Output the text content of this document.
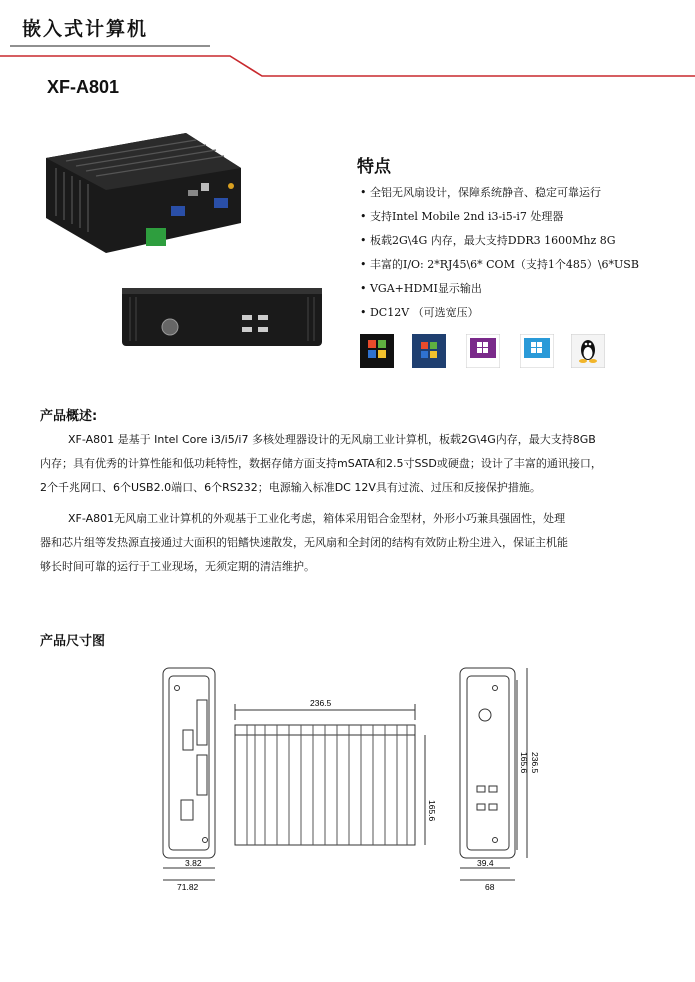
嵌入式计算机
XF-A801
特点
• 全铝无风扇设计，保障系统静音、稳定可靠运行
• 支持Intel Mobile 2nd i3-i5-i7 处理器
• 板载2G\4G 内存，最大支持DDR3 1600Mhz 8G
• 丰富的I/O: 2*RJ45\6* COM（支持1个485）\6*USB
• VGA+HDMI显示输出
• DC12V （可选宽压）
产品概述:
XF-A801 是基于 Intel Core i3/i5/i7 多核处理器设计的无风扇工业计算机，板载2G\4G内存，最大支持8GB
内存；具有优秀的计算性能和低功耗特性，数据存储方面支持mSATA和2.5寸SSD或硬盘；设计了丰富的通讯接口，
2个千兆网口、6个USB2.0端口、6个RS232；电源输入标准DC 12V具有过流、过压和反接保护措施。
XF-A801无风扇工业计算机的外观基于工业化考虑，箱体采用铝合金型材，外形小巧兼具强固性，处理
器和芯片组等发热源直接通过大面积的铝鳍快速散发，无风扇和全封闭的结构有效防止粉尘进入，保证主机能
够长时间可靠的运行于工业现场，无须定期的清洁维护。
产品尺寸图
236.5
165.6
3.82
71.82
236.5
165.6
39.4
68
